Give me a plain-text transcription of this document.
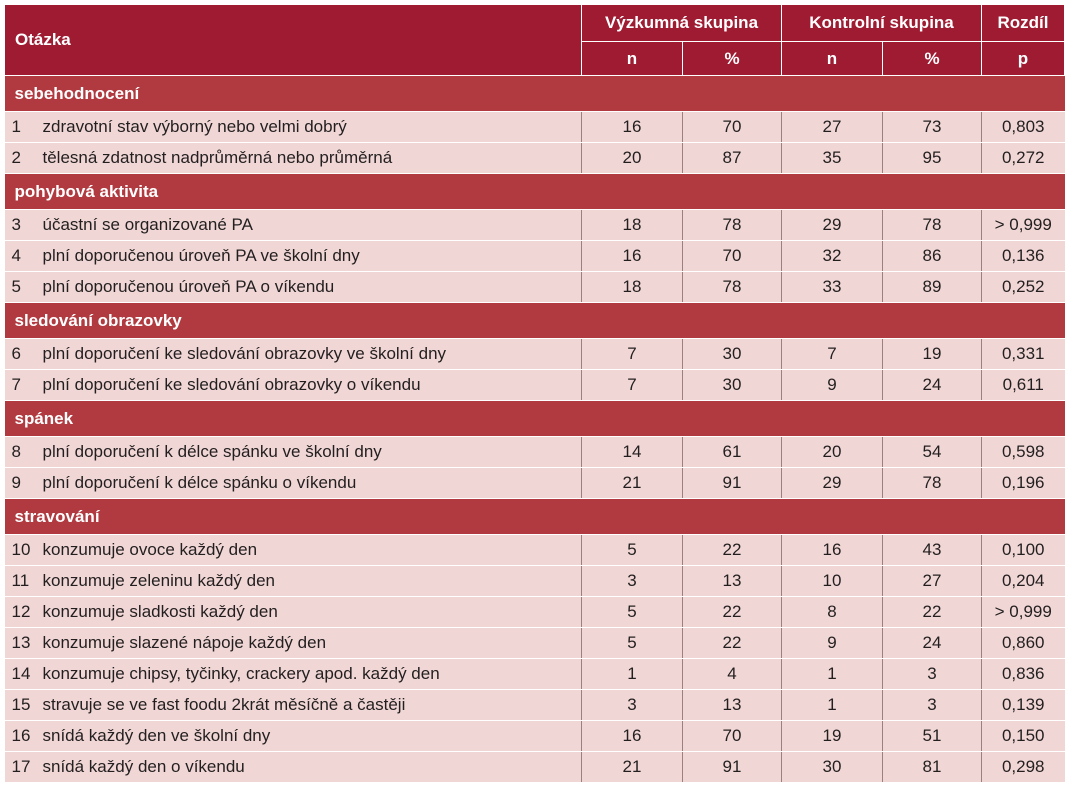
Otázka		Výzkumná skupina		Kontrolní skupina		Rozdíl
		n	%	n	%	p
sebehodnocení						
1	zdravotní stav výborný nebo velmi dobrý	16	70	27	73	0,803
2	tělesná zdatnost nadprůměrná nebo průměrná	20	87	35	95	0,272
pohybová aktivita						
3	účastní se organizované PA	18	78	29	78	> 0,999
4	plní doporučenou úroveň PA ve školní dny	16	70	32	86	0,136
5	plní doporučenou úroveň PA o víkendu	18	78	33	89	0,252
sledování obrazovky						
6	plní doporučení ke sledování obrazovky ve školní dny	7	30	7	19	0,331
7	plní doporučení ke sledování obrazovky o víkendu	7	30	9	24	0,611
spánek						
8	plní doporučení k délce spánku ve školní dny	14	61	20	54	0,598
9	plní doporučení k délce spánku o víkendu	21	91	29	78	0,196
stravování						
10	konzumuje ovoce každý den	5	22	16	43	0,100
11	konzumuje zeleninu každý den	3	13	10	27	0,204
12	konzumuje sladkosti každý den	5	22	8	22	> 0,999
13	konzumuje slazené nápoje každý den	5	22	9	24	0,860
14	konzumuje chipsy, tyčinky, crackery apod. každý den	1	4	1	3	0,836
15	stravuje se ve fast foodu 2krát měsíčně a častěji	3	13	1	3	0,139
16	snídá každý den ve školní dny	16	70	19	51	0,150
17	snídá každý den o víkendu	21	91	30	81	0,298
